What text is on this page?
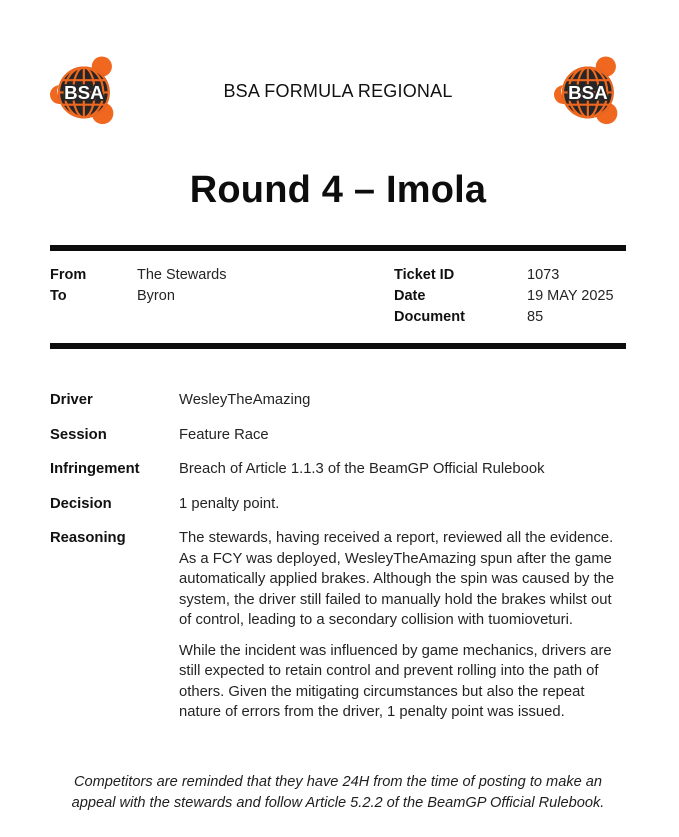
BSA	BSA FORMULA REGIONAL	BSA
Round 4 – Imola
From	The Stewards
To	Byron
Ticket ID	1073
Date	19 MAY 2025
Document	85
Driver	WesleyTheAmazing

Session	Feature Race

Infringement	Breach of Article 1.1.3 of the BeamGP Official Rulebook

Decision	1 penalty point.

Reasoning	The stewards, having received a report, reviewed all the evidence. As a FCY was deployed, WesleyTheAmazing spun after the game automatically applied brakes. Although the spin was caused by the system, the driver still failed to manually hold the brakes whilst out of control, leading to a secondary collision with tuomioveturi.

While the incident was influenced by game mechanics, drivers are still expected to retain control and prevent rolling into the path of others. Given the mitigating circumstances but also the repeat nature of errors from the driver, 1 penalty point was issued.

Competitors are reminded that they have 24H from the time of posting to make an appeal with the stewards and follow Article 5.2.2 of the BeamGP Official Rulebook.
